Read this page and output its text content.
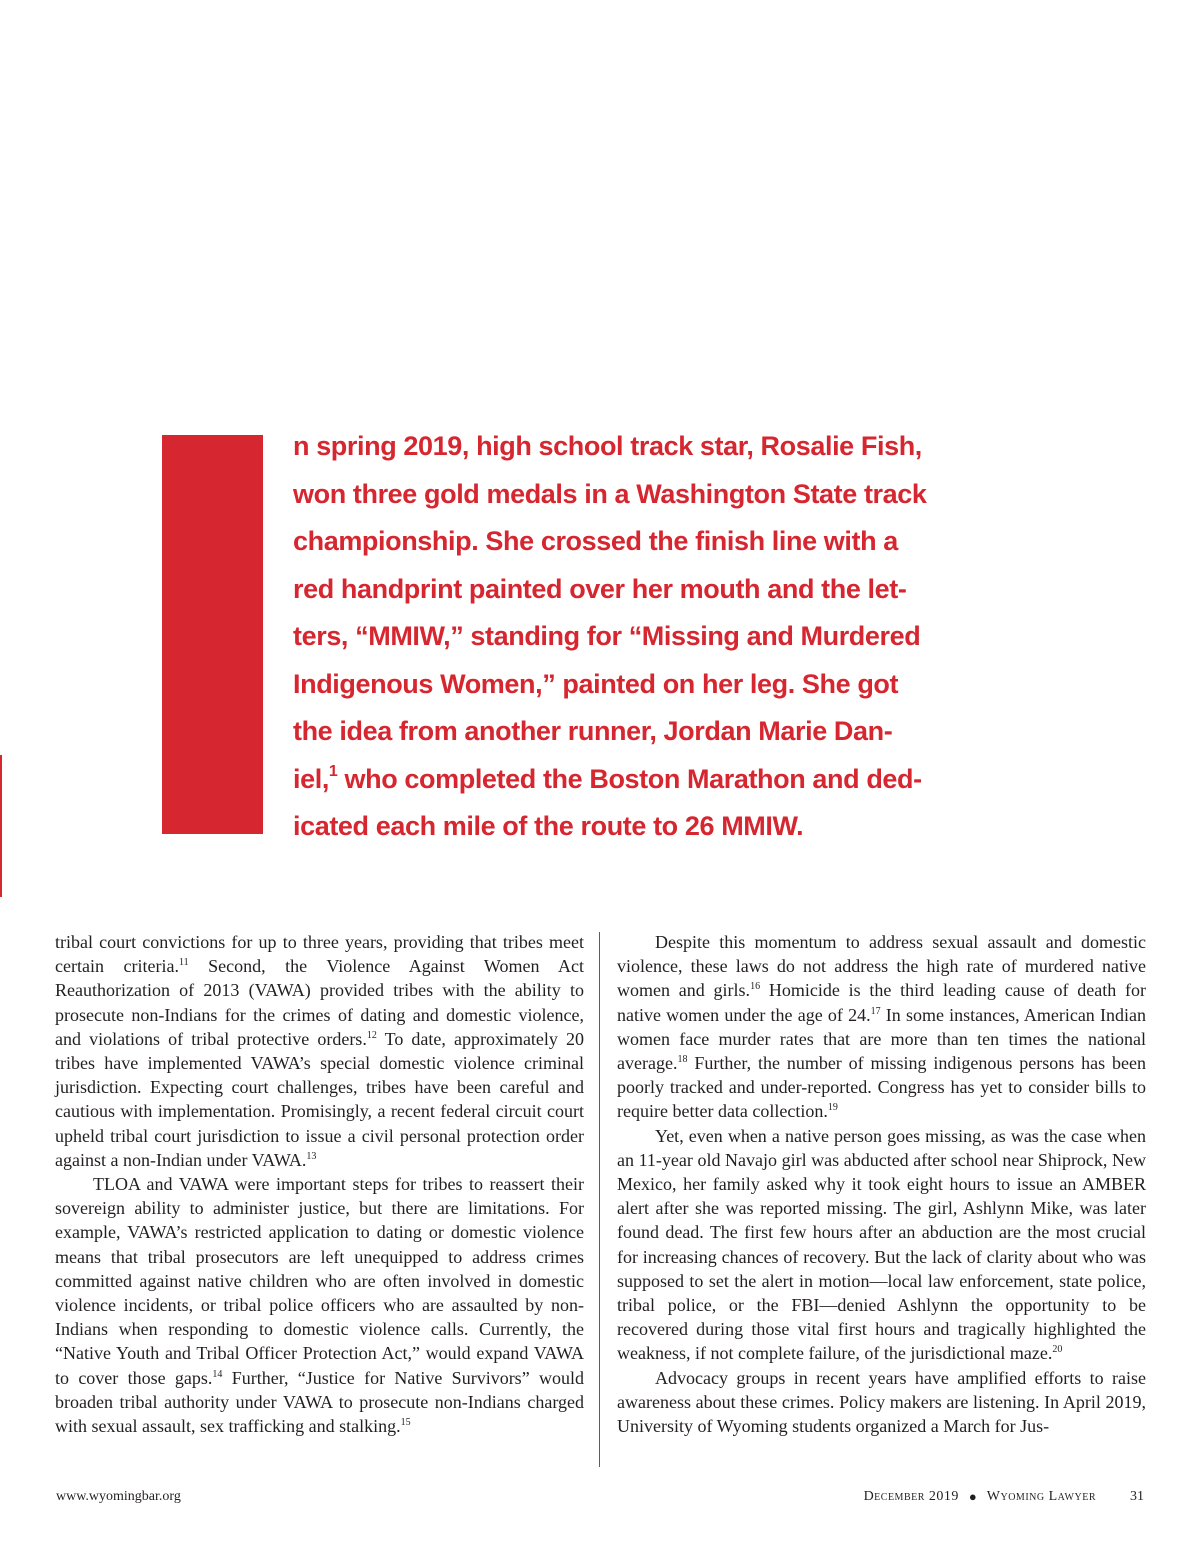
n spring 2019, high school track star, Rosalie Fish,
won three gold medals in a Washington State track
championship. She crossed the finish line with a
red handprint painted over her mouth and the let-
ters, “MMIW,” standing for “Missing and Murdered
Indigenous Women,” painted on her leg. She got
the idea from another runner, Jordan Marie Dan-
iel,$^1$ who completed the Boston Marathon and ded-
icated each mile of the route to 26 MMIW.

tribal court convictions for up to three years, providing that tribes meet certain criteria.$^{11}$ Second, the Violence Against Women Act Reauthorization of 2013 (VAWA) provided tribes with the ability to prosecute non-Indians for the crimes of dating and domestic violence, and violations of tribal protective orders.$^{12}$ To date, approximately 20 tribes have implemented VAWA’s special domestic violence criminal jurisdiction. Expecting court challenges, tribes have been careful and cautious with implementation. Promisingly, a recent federal circuit court upheld tribal court jurisdiction to issue a civil personal protection order against a non-Indian under VAWA.$^{13}$

TLOA and VAWA were important steps for tribes to reassert their sovereign ability to administer justice, but there are limitations. For example, VAWA’s restricted application to dating or domestic violence means that tribal prosecutors are left unequipped to address crimes committed against native children who are often involved in domestic violence incidents, or tribal police officers who are assaulted by non-Indians when responding to domestic violence calls. Currently, the “Native Youth and Tribal Officer Protection Act,” would expand VAWA to cover those gaps.$^{14}$ Further, “Justice for Native Survivors” would broaden tribal authority under VAWA to prosecute non-Indians charged with sexual assault, sex trafficking and stalking.$^{15}$

Despite this momentum to address sexual assault and domestic violence, these laws do not address the high rate of murdered native women and girls.$^{16}$ Homicide is the third leading cause of death for native women under the age of 24.17 In some instances, American Indian women face murder rates that are more than ten times the national average.$^{18}$ Further, the number of missing indigenous persons has been poorly tracked and under-reported. Congress has yet to consider bills to require better data collection.$^{19}$

Yet, even when a native person goes missing, as was the case when an 11-year old Navajo girl was abducted after school near Shiprock, New Mexico, her family asked why it took eight hours to issue an AMBER alert after she was reported missing. The girl, Ashlynn Mike, was later found dead. The first few hours after an abduction are the most crucial for increasing chances of recovery. But the lack of clarity about who was supposed to set the alert in motion—local law enforcement, state police, tribal police, or the FBI—denied Ashlynn the opportunity to be recovered during those vital first hours and tragically highlighted the weakness, if not complete failure, of the jurisdictional maze.$^{20}$

Advocacy groups in recent years have amplified efforts to raise awareness about these crimes. Policy makers are listening. In April 2019, University of Wyoming students organized a March for Jus-

www.wyomingbar.org	December 2019 ● Wyoming Lawyer 31
